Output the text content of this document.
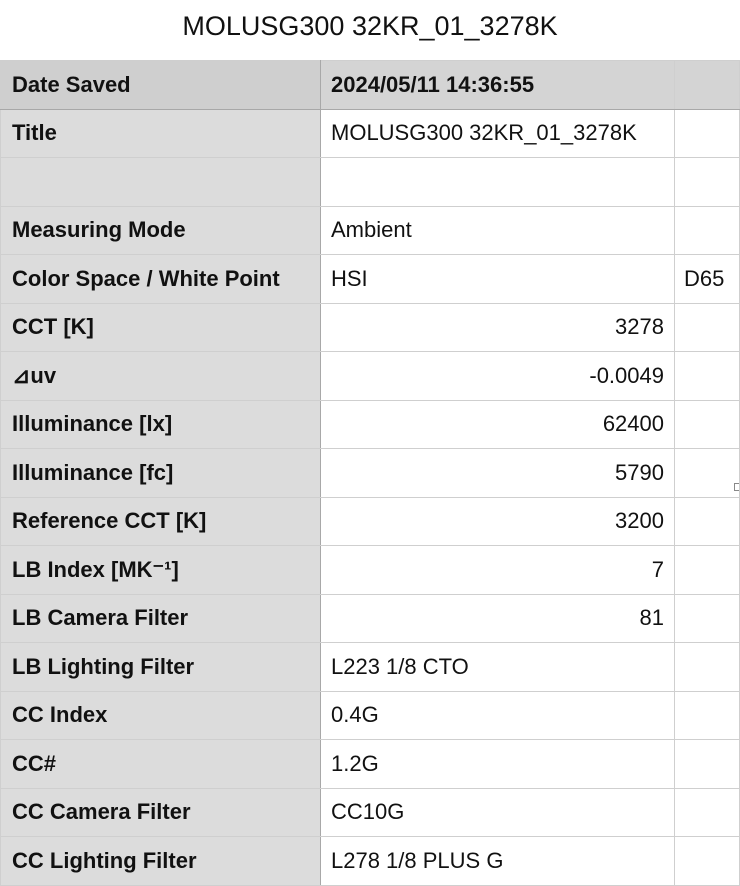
MOLUSG300 32KR_01_3278K
Date Saved	2024/05/11 14:36:55	
Title	MOLUSG300 32KR_01_3278K	

Measuring Mode	Ambient	
Color Space / White Point	HSI	D65
CCT [K]	3278	
⊿uv	-0.0049	
Illuminance [lx]	62400	
Illuminance [fc]	5790	
Reference CCT [K]	3200	
LB Index [MK⁻¹]	7	
LB Camera Filter	81	
LB Lighting Filter	L223 1/8 CTO	
CC Index	0.4G	
CC#	1.2G	
CC Camera Filter	CC10G	
CC Lighting Filter	L278 1/8 PLUS G	
